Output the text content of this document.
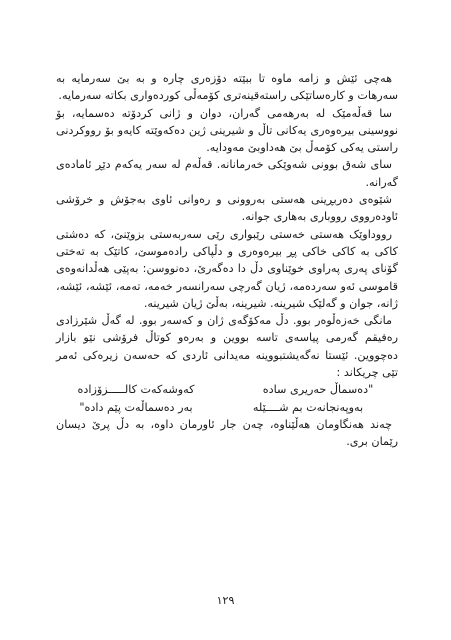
هەچی ئێش و زامە ماوە تا ببێتە دۆزەری چارە و بە بێ سەرمایە بە سەرهات و کارەساتێکی راستەقینەتری کۆمەڵی کوردەواری بکاتە سەرمایە.

سا قەڵەمێک لە بەرهەمی گەران، دوان و ژانی کردۆتە دەسمایە، بۆ نووسینی بیرەوەری یەکانی تاڵ و شیرینی ژین دەکەوێتە کایەو بۆ رووکردنی راستی یەکی کۆمەڵ بێ هەداوبێ مەودایە.

سای شەق بوونی شەوێکی خەرمانانە. قەڵەم لە سەر یەکەم دێڕ ئامادەی گەرانە.

شێوەی دەربڕینی هەستی بەروونی و رەوانی ئاوی بەجۆش و خرۆشی ئاودەرووی رووباری بەهاری جوانە.

رووداوێک هەستی خەستی رێبواری رێی سەربەستی بزوێنێ، کە دەشتی کاکی بە کاکی خاکی پڕ بیرەوەری و دڵپاکی رادەموسێ، کاتێک بە تەختی گۆنای پەری پەراوی خوێناوی دڵ دا دەگەرێ، دەنووسن: بەپێی هەڵدانەوەی قاموسی ئەو سەردەمە، ژیان گەرچی سەرانسەر خەمە، تەمە، ئێشە، ئێشە، ژانە، جوان و گەلێک شیرینە. شیرینە، بەڵێ ژیان شیرینە.

مانگی خەزەڵوەر بوو. دڵ مەکۆگەی ژان و کەسەر بوو. لە گەڵ شێرزادی رەفیقم گەرمی پیاسەی تاسە بووین و بەرەو کوتاڵ فرۆشی نێو بازار دەچووین. ئێستا نەگەیشتبووینە مەیدانی ئاردی کە حەسەن زیرەکی ئەمر تێی چریکاند :

"دەسماڵ حەریری سادە
کەوشەکەت کالـــــزۆزادە
بەوپەنجانەت بم شــــێلە
بەر دەسماڵەت پێم دادە"

چەند هەنگاومان هەڵێناوە، چەن جار ئاورمان داوە، بە دڵ پرێ دیسان رێمان بری.

١٢٩
